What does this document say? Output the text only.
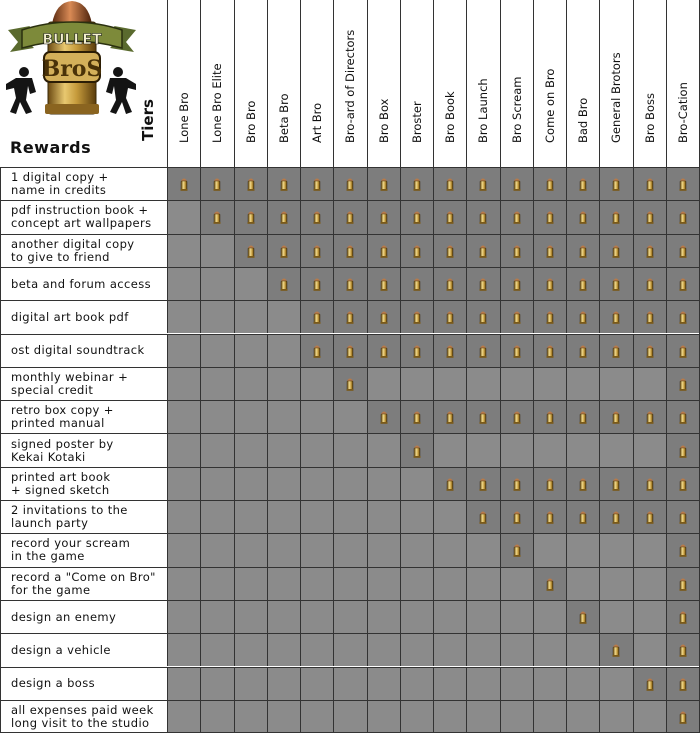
BULLET
BroS
Rewards
Tiers Lone Bro Lone Bro Elite Bro Bro Beta Bro Art Bro Bro-ard of Directors Bro Box Broster Bro Book Bro Launch Bro Scream Come on Bro Bad Bro General Brotors Bro Boss Bro-Cation
1 digital copy +
name in credits
pdf instruction book +
concept art wallpapers
another digital copy
to give to friend
beta and forum access
digital art book pdf
ost digital soundtrack
monthly webinar +
special credit
retro box copy +
printed manual
signed poster by
Kekai Kotaki
printed art book
+ signed sketch
2 invitations to the
launch party
record your scream
in the game
record a "Come on Bro"
for the game
design an enemy
design a vehicle
design a boss
all expenses paid week
long visit to the studio
